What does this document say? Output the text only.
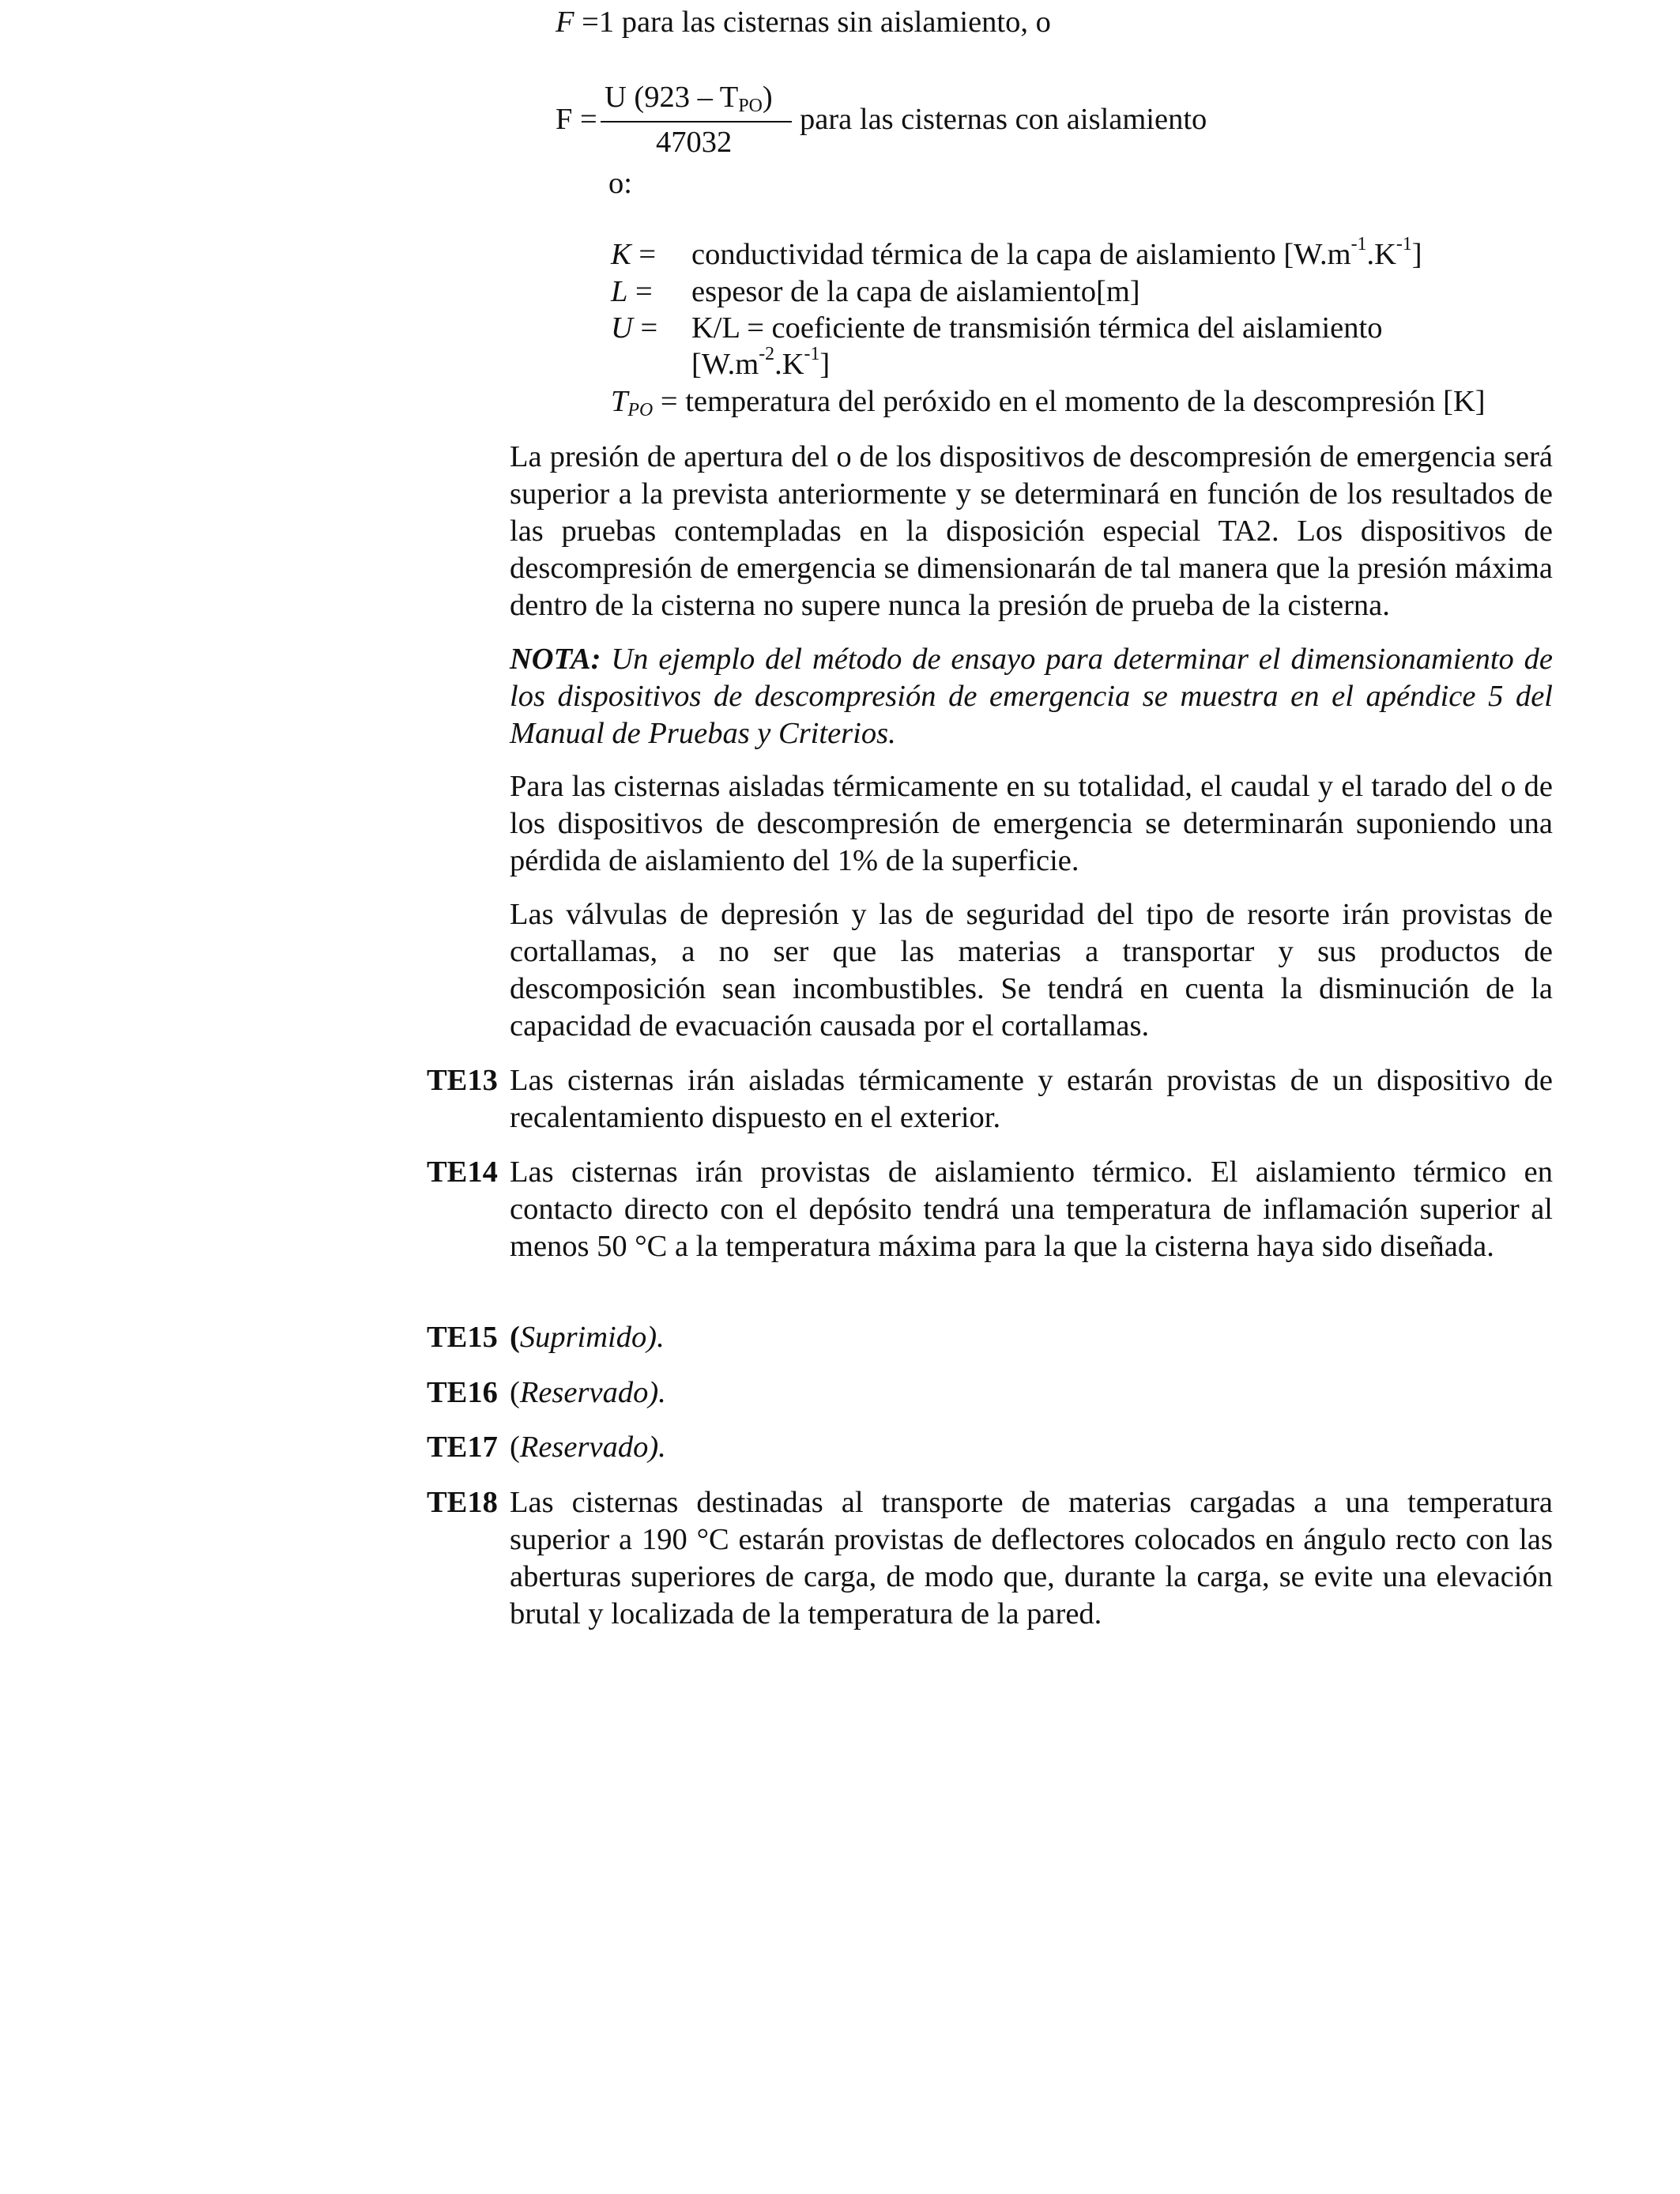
F =1 para las cisternas sin aislamiento, o
F =
U $(923 - T_{PO})$
47032
para las cisternas con aislamiento
o:
K = conductividad térmica de la capa de aislamiento $[W.m^{-1}.K^{-1}]$
L = espesor de la capa de aislamiento[m]
U = K/L = coeficiente de transmisión térmica del aislamiento
$[W.m^{-2}.K^{-1}]$
$T_{PO}$ = temperatura del peróxido en el momento de la descompresión [K]
La presión de apertura del o de los dispositivos de descompresión de emergencia será superior a la prevista anteriormente y se determinará en función de los resultados de las pruebas contempladas en la disposición especial TA2. Los dispositivos de descompresión de emergencia se dimensionarán de tal manera que la presión máxima dentro de la cisterna no supere nunca la presión de prueba de la cisterna.
NOTA: Un ejemplo del método de ensayo para determinar el dimensionamiento de los dispositivos de descompresión de emergencia se muestra en el apéndice 5 del Manual de Pruebas y Criterios.
Para las cisternas aisladas térmicamente en su totalidad, el caudal y el tarado del o de los dispositivos de descompresión de emergencia se determinarán suponiendo una pérdida de aislamiento del 1% de la superficie.
Las válvulas de depresión y las de seguridad del tipo de resorte irán provistas de cortallamas, a no ser que las materias a transportar y sus productos de descomposición sean incombustibles. Se tendrá en cuenta la disminución de la capacidad de evacuación causada por el cortallamas.
TE13 Las cisternas irán aisladas térmicamente y estarán provistas de un dispositivo de recalentamiento dispuesto en el exterior.
TE14 Las cisternas irán provistas de aislamiento térmico. El aislamiento térmico en contacto directo con el depósito tendrá una temperatura de inflamación superior al menos 50 °C a la temperatura máxima para la que la cisterna haya sido diseñada.
TE15 (Suprimido).
TE16 (Reservado).
TE17 (Reservado).
TE18 Las cisternas destinadas al transporte de materias cargadas a una temperatura superior a 190 °C estarán provistas de deflectores colocados en ángulo recto con las aberturas superiores de carga, de modo que, durante la carga, se evite una elevación brutal y localizada de la temperatura de la pared.
